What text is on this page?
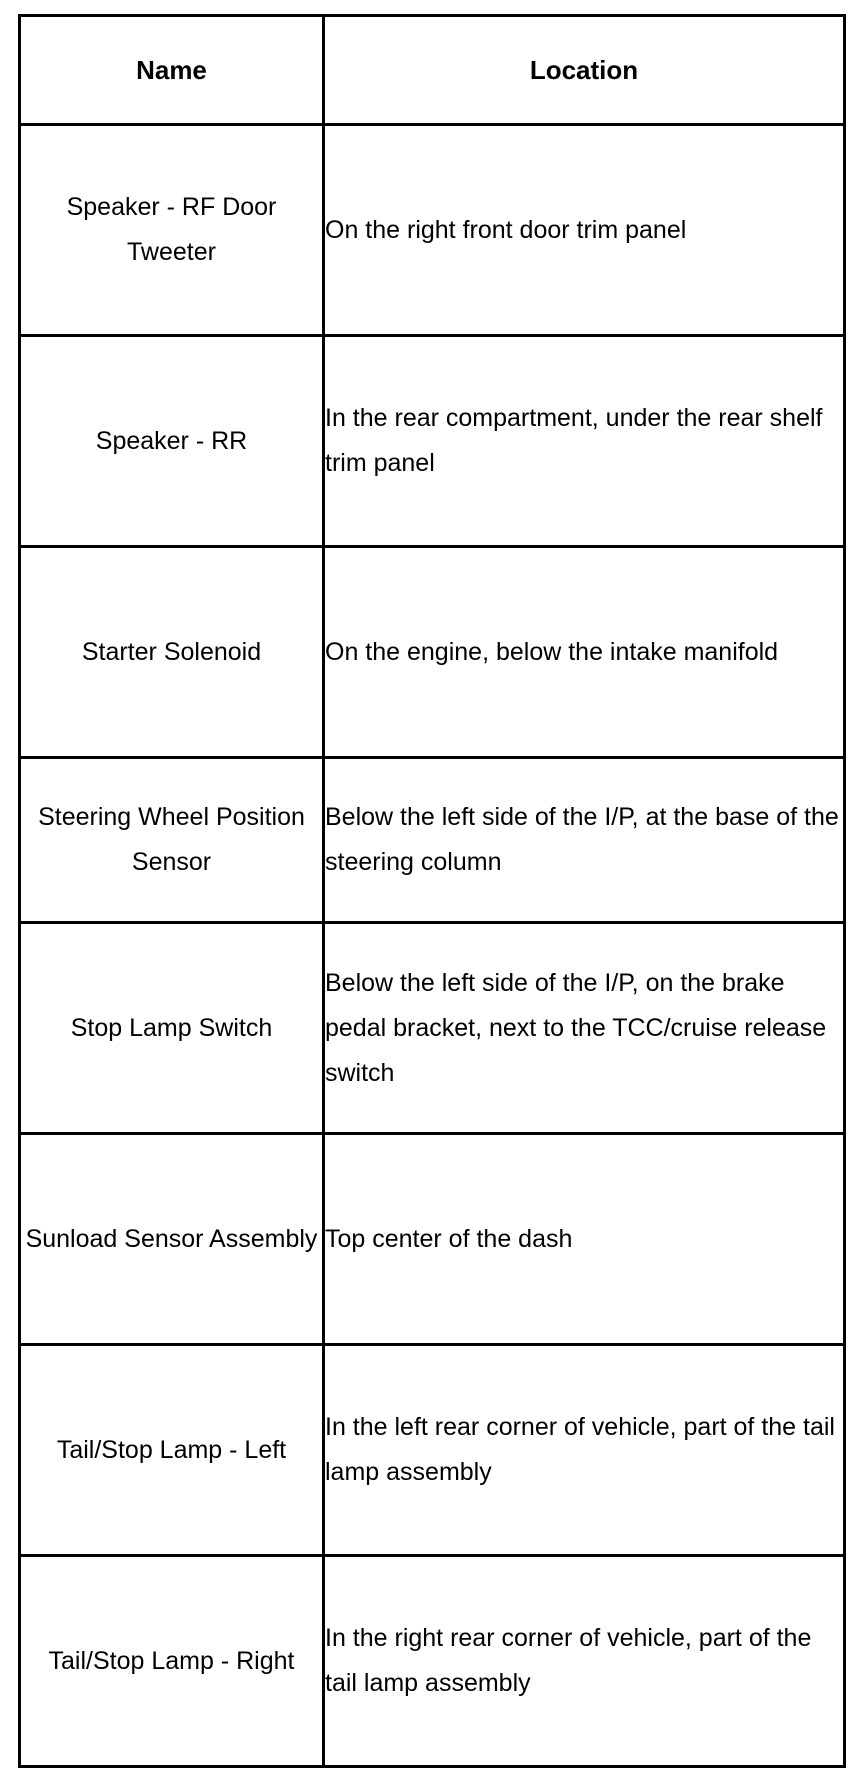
Name	Location
Speaker - RF Door Tweeter	On the right front door trim panel
Speaker - RR	In the rear compartment, under the rear shelf trim panel
Starter Solenoid	On the engine, below the intake manifold
Steering Wheel Position Sensor	Below the left side of the I/P, at the base of the steering column
Stop Lamp Switch	Below the left side of the I/P, on the brake pedal bracket, next to the TCC/cruise release switch
Sunload Sensor Assembly	Top center of the dash
Tail/Stop Lamp - Left	In the left rear corner of vehicle, part of the tail lamp assembly
Tail/Stop Lamp - Right	In the right rear corner of vehicle, part of the tail lamp assembly
